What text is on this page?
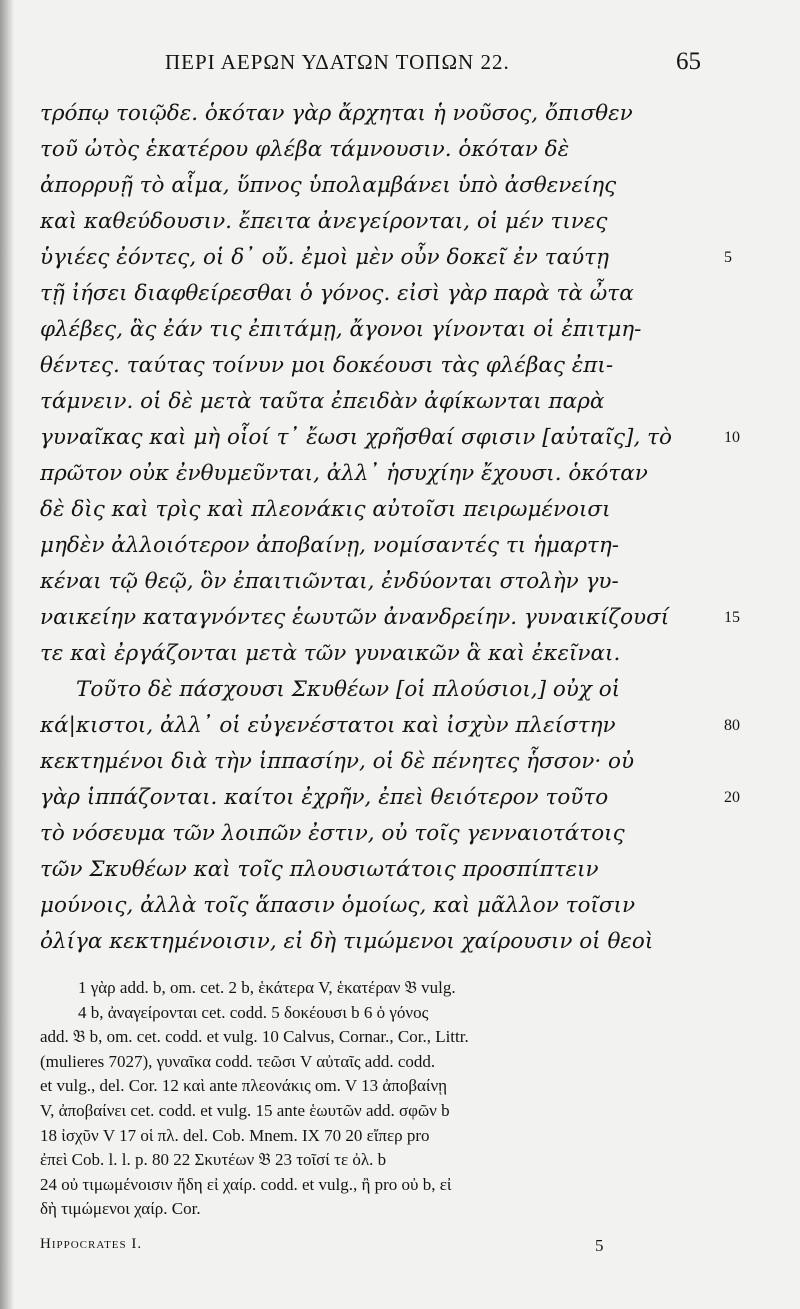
ΠΕΡΙ ΑΕΡΩΝ ΥΔΑΤΩΝ ΤΟΠΩΝ 22.	65
τρόπῳ τοιῷδε. ὁκόταν γὰρ ἄρχηται ἡ νοῦσος, ὄπισθεν
τοῦ ὠτὸς ἑκατέρου φλέβα τάμνουσιν. ὁκόταν δὲ
ἀπορρυῇ τὸ αἷμα, ὕπνος ὑπολαμβάνει ὑπὸ ἀσθενείης
καὶ καθεύδουσιν. ἔπειτα ἀνεγείρονται, οἱ μέν τινες
ὑγιέες ἐόντες, οἱ δ᾽ οὔ. ἐμοὶ μὲν οὖν δοκεῖ ἐν ταύτῃ
τῇ ἰήσει διαφθείρεσθαι ὁ γόνος. εἰσὶ γὰρ παρὰ τὰ ὦτα
φλέβες, ἃς ἐάν τις ἐπιτάμῃ, ἄγονοι γίνονται οἱ ἐπιτμη-
θέντες. ταύτας τοίνυν μοι δοκέουσι τὰς φλέβας ἐπι-
τάμνειν. οἱ δὲ μετὰ ταῦτα ἐπειδὰν ἀφίκωνται παρὰ
γυναῖκας καὶ μὴ οἷοί τ᾽ ἔωσι χρῆσθαί σφισιν [αὐταῖς], τὸ
πρῶτον οὐκ ἐνθυμεῦνται, ἀλλ᾽ ἡσυχίην ἔχουσι. ὁκόταν
δὲ δὶς καὶ τρὶς καὶ πλεονάκις αὐτοῖσι πειρωμένοισι
μηδὲν ἀλλοιότερον ἀποβαίνῃ, νομίσαντές τι ἡμαρτη-
κέναι τῷ θεῷ, ὃν ἐπαιτιῶνται, ἐνδύονται στολὴν γυ-
ναικείην καταγνόντες ἑωυτῶν ἀνανδρείην. γυναικίζουσί
τε καὶ ἐργάζονται μετὰ τῶν γυναικῶν ἃ καὶ ἐκεῖναι.
Τοῦτο δὲ πάσχουσι Σκυθέων [οἱ πλούσιοι,] οὐχ οἱ
κά|κιστοι, ἀλλ᾽ οἱ εὐγενέστατοι καὶ ἰσχὺν πλείστην
κεκτημένοι διὰ τὴν ἱππασίην, οἱ δὲ πένητες ἧσσον· οὐ
γὰρ ἱππάζονται. καίτοι ἐχρῆν, ἐπεὶ θειότερον τοῦτο
τὸ νόσευμα τῶν λοιπῶν ἐστιν, οὐ τοῖς γενναιοτάτοις
τῶν Σκυθέων καὶ τοῖς πλουσιωτάτοις προσπίπτειν
μούνοις, ἀλλὰ τοῖς ἅπασιν ὁμοίως, καὶ μᾶλλον τοῖσιν
ὀλίγα κεκτημένοισιν, εἰ δὴ τιμώμενοι χαίρουσιν οἱ θεοὶ
5
10
15
80
20
1 γὰρ add. b, om. cet. 2 b, ἑκάτερα V, ἑκατέραν 𝔅 vulg.
4 b, ἀναγείρονται cet. codd. 5 δοκέουσι b 6 ὁ γόνος
add. 𝔅 b, om. cet. codd. et vulg. 10 Calvus, Cornar., Cor., Littr.
(mulieres 7027), γυναῖκα codd. τεῶσι V αὐταῖς add. codd.
et vulg., del. Cor. 12 καὶ ante πλεονάκις om. V 13 ἀποβαίνῃ
V, ἀποβαίνει cet. codd. et vulg. 15 ante ἑωυτῶν add. σφῶν b
18 ἰσχῦν V 17 οἱ πλ. del. Cob. Mnem. IX 70 20 εἴπερ pro
ἐπεὶ Cob. l. l. p. 80 22 Σκυτέων 𝔅 23 τοῖσί τε ὀλ. b
24 οὐ τιμωμένοισιν ἤδη εἰ χαίρ. codd. et vulg., ἢ pro οὐ b, εἰ
δὴ τιμώμενοι χαίρ. Cor.
Hippocrates I.	5
